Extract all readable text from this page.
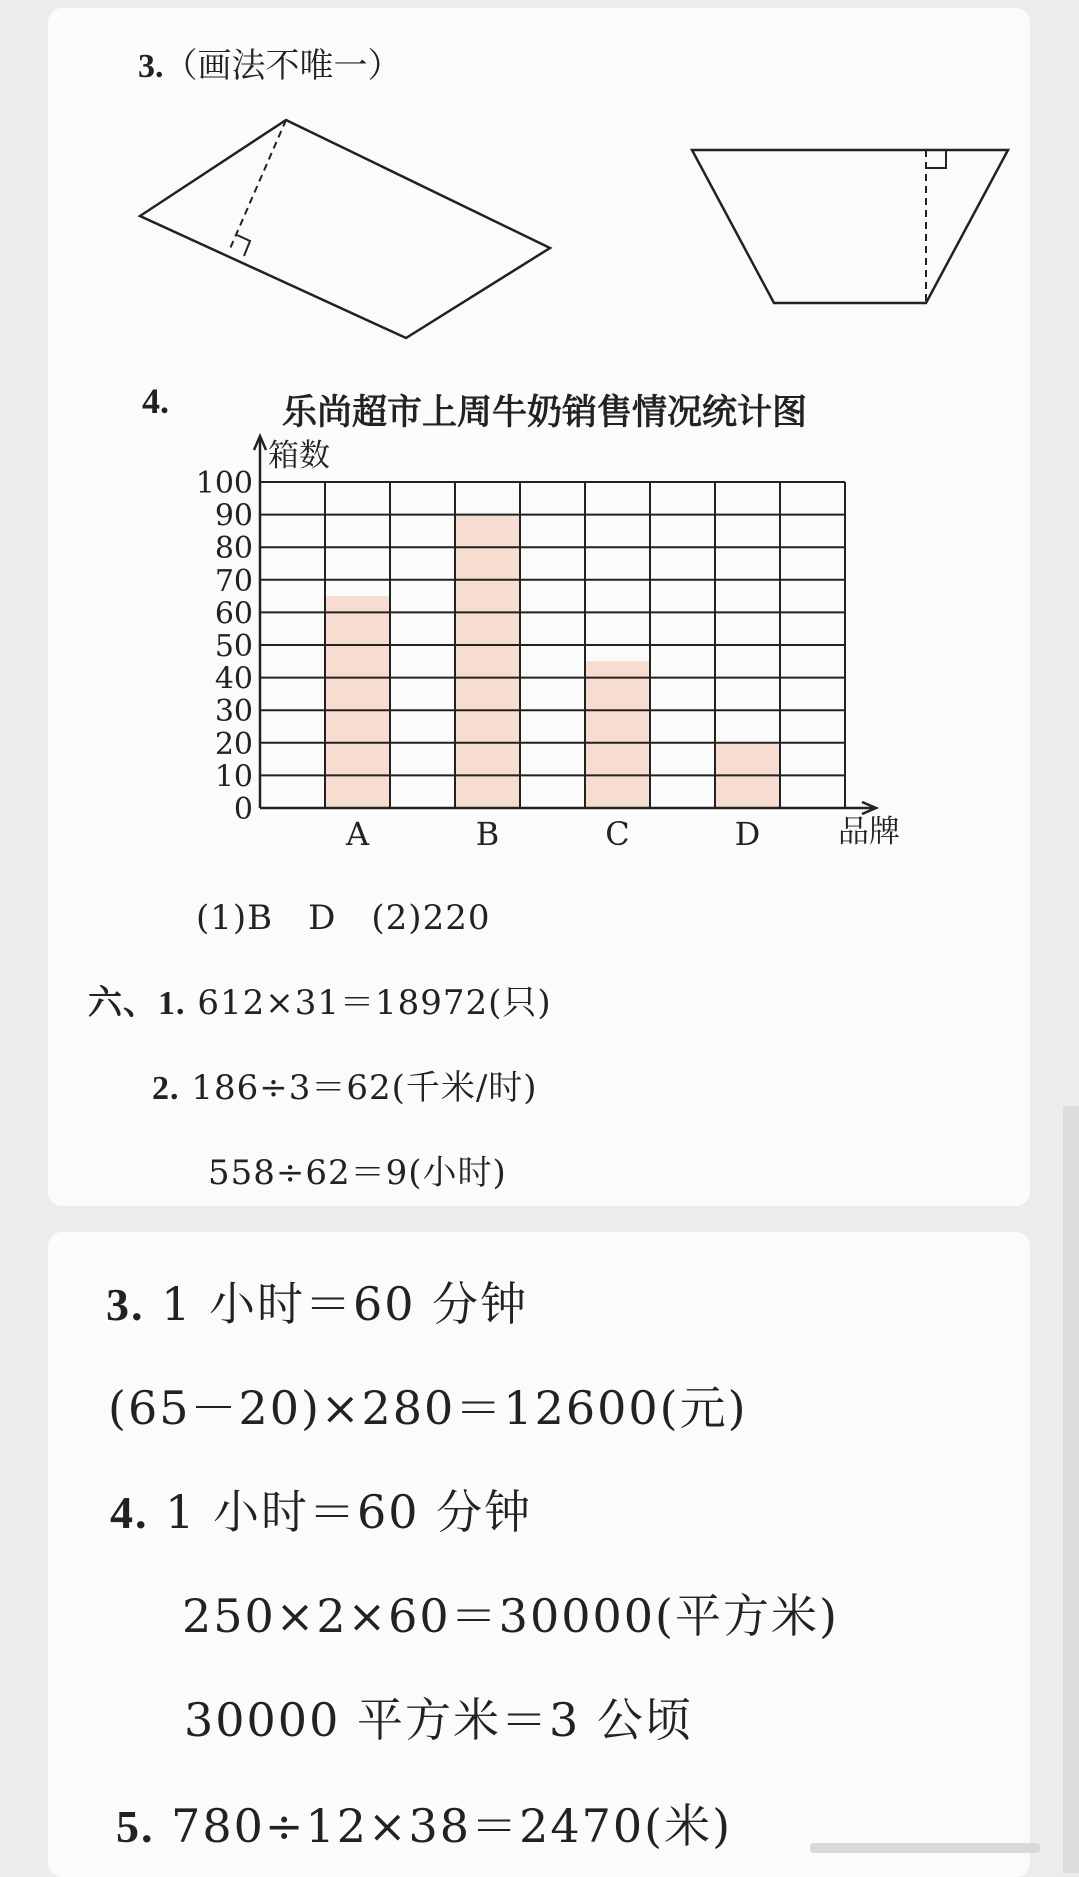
3.（画法不唯一）
4.	乐尚超市上周牛奶销售情况统计图
0
10
20
30
40
50
60
70
80
90
100
A	B	C	D
箱数
品牌
(1)B　D　(2)220
六、1. 612×31＝18972(只)
2. 186÷3＝62(千米/时)
558÷62＝9(小时)
3. 1 小时＝60 分钟
(65－20)×280＝12600(元)
4. 1 小时＝60 分钟
250×2×60＝30000(平方米)
30000 平方米＝3 公顷
5. 780÷12×38＝2470(米)
